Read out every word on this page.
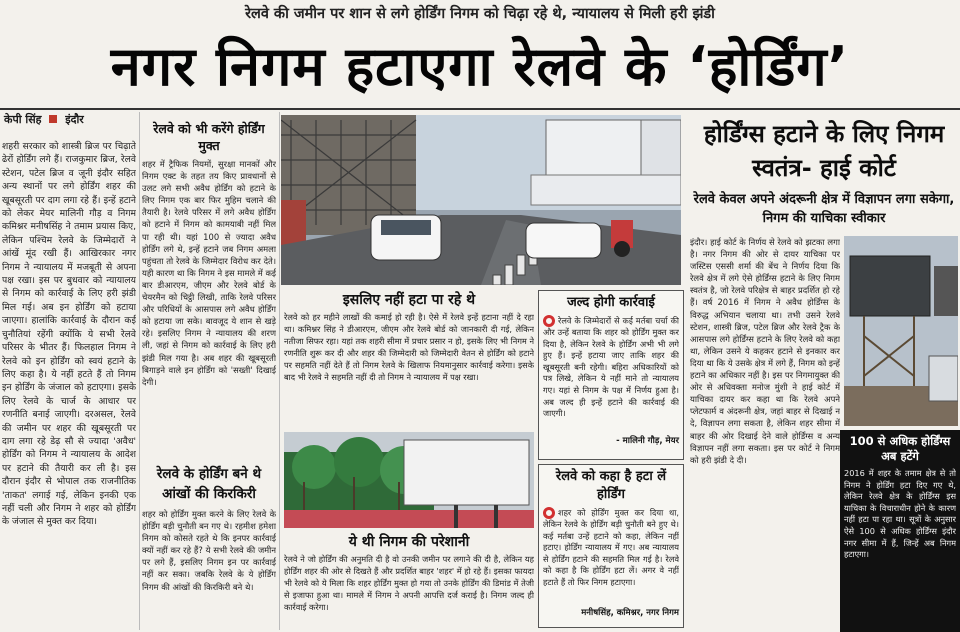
रेलवे की जमीन पर शान से लगे होर्डिंग निगम को चिढ़ा रहे थे, न्यायालय से मिली हरी झंडी
नगर निगम हटाएगा रेलवे के ‘होर्डिंग’
केपी सिंह इंदौर
शहरी सरकार को शास्त्री ब्रिज पर चिढ़ाते ढेरों होर्डिंग लगे हैं। राजकुमार ब्रिज, रेलवे स्टेशन, पटेल ब्रिज व जूनी इंदौर सहित अन्य स्थानों पर लगे होर्डिंग शहर की खूबसूरती पर दाग लगा रहे हैं। इन्हें हटाने को लेकर मेयर मालिनी गौड़ व निगम कमिश्नर मनीषसिंह ने तमाम प्रयास किए, लेकिन पश्चिम रेलवे के जिम्मेदारों ने आंखें मूंद रखी हैं। आखिरकार नगर निगम ने न्यायालय में मजबूती से अपना पक्ष रखा। इस पर बुधवार को न्यायालय से निगम को कार्रवाई के लिए हरी झंडी मिल गई। अब इन होर्डिंग को हटाया जाएगा। हालांकि कार्रवाई के दौरान कई चुनौतियां रहेंगी क्योंकि ये सभी रेलवे परिसर के भीतर हैं। फिलहाल निगम ने रेलवे को इन होर्डिंग को स्वयं हटाने के लिए कहा है। ये नहीं हटते हैं तो निगम इन होर्डिंग के जंजाल को हटाएगा। इसके लिए रेलवे के चार्ज के आधार पर रणनीति बनाई जाएगी। दरअसल, रेलवे की जमीन पर शहर की खूबसूरती पर दाग लगा रहे डेढ़ सौ से ज्यादा 'अवैध' होर्डिंग को निगम ने न्यायालय के आदेश पर हटाने की तैयारी कर ली है। इस दौरान इंदौर से भोपाल तक राजनीतिक 'ताकत' लगाई गई, लेकिन इनकी एक नहीं चली और निगम ने शहर को होर्डिंग के जंजाल से मुक्त कर दिया।
रेलवे को भी करेंगे होर्डिंग मुक्त
शहर में ट्रैफिक नियमों, सुरक्षा मानकों और निगम एक्ट के तहत तय किए प्रावधानों से उलट लगे सभी अवैध होर्डिंग को हटाने के लिए निगम एक बार फिर मुहिम चलाने की तैयारी है। रेलवे परिसर में लगे अवैध होर्डिंग को हटाने में निगम को कामयाबी नहीं मिल पा रही थी। यहां 100 से ज्यादा अवैध होर्डिंग लगे थे, इन्हें हटाने जब निगम अमला पहुंचता तो रेलवे के जिम्मेदार विरोध कर देते। यही कारण था कि निगम ने इस मामले में कई बार डीआरएम, जीएम और रेलवे बोर्ड के चेयरमैन को चिट्ठी लिखी, ताकि रेलवे परिसर और परिधियों के आसपास लगे अवैध होर्डिंग को हटाया जा सके। बावजूद ये शान से खड़े रहे। इसलिए निगम ने न्यायालय की शरण ली, जहां से निगम को कार्रवाई के लिए हरी झंडी मिल गया है। अब शहर की खूबसूरती बिगाड़ने वाले इन होर्डिंग को 'सख्ती' दिखाई देगी।
रेलवे के होर्डिंग बने थे आंखों की किरकिरी
शहर को होर्डिंग मुक्त करने के लिए रेलवे के होर्डिंग बड़ी चुनौती बन गए थे। रहमीश हमेशा निगम को कोसते रहते थे कि इनपर कार्रवाई क्यों नहीं कर रहे हैं? ये सभी रेलवे की जमीन पर लगे हैं, इसलिए निगम इन पर कार्रवाई नहीं कर सका। जबकि रेलवे के ये होर्डिंग निगम की आंखों की किरकिरी बने थे।
इसलिए नहीं हटा पा रहे थे
रेलवे को हर महीने लाखों की कमाई हो रही है। ऐसे में रेलवे इन्हें हटाना नहीं दे रहा था। कमिश्नर सिंह ने डीआरएम, जीएम और रेलवे बोर्ड को जानकारी दी गई, लेकिन नतीजा सिफर रहा। यहां तक शहरी सीमा में प्रचार प्रसार न हो, इसके लिए भी निगम ने रणनीति शुरू कर दी और शहर की जिम्मेदारी को जिम्मेदारी वेतन से होर्डिंग को हटाने पर सहमति नहीं देते हैं तो निगम रेलवे के खिलाफ नियमानुसार कार्रवाई करेगा। इसके बाद भी रेलवे ने सहमति नहीं दी तो निगम ने न्यायालय में पक्ष रखा।
ये थी निगम की परेशानी
रेलवे ने जो होर्डिंग की अनुमति दी है वो उनकी जमीन पर लगाने की दी है, लेकिन यह होर्डिंग शहर की ओर से दिखते हैं और प्रदर्शित बाहर 'शहर' में हो रहे हैं। इसका फायदा भी रेलवे को ये मिला कि शहर होर्डिंग मुक्त हो गया तो उनके होर्डिंग की डिमांड में तेजी से इजाफा हुआ था। मामले में निगम ने अपनी आपत्ति दर्ज कराई है। निगम जल्द ही कार्रवाई करेगा।
जल्द होगी कार्रवाई
रेलवे के जिम्मेदारों से कई मर्तबा चर्चा की और उन्हें बताया कि शहर को होर्डिंग मुक्त कर दिया है, लेकिन रेलवे के होर्डिंग अभी भी लगे हुए हैं। इन्हें हटाया जाए ताकि शहर की खूबसूरती बनी रहेगी। बहिरा अधिकारियों को पत्र लिखे, लेकिन ये नहीं माने तो न्यायालय गए। यहां से निगम के पक्ष में निर्णय हुआ है। अब जल्द ही इन्हें हटाने की कार्रवाई की जाएगी।
- मालिनी गौड़, मेयर
रेलवे को कहा है हटा लें होर्डिंग
शहर को होर्डिंग मुक्त कर दिया था, लेकिन रेलवे के होर्डिंग बड़ी चुनौती बने हुए थे। कई मर्तबा उन्हें हटाने को कहा, लेकिन नहीं हटाए। होर्डिंग न्यायालय में गए। अब न्यायालय से होर्डिंग हटाने की सहमति मिल गई है। रेलवे को कहा है कि होर्डिंग हटा लें। अगर वे नहीं हटाते हैं तो फिर निगम हटाएगा।
मनीषसिंह, कमिश्नर, नगर निगम
होर्डिंग्स हटाने के लिए निगम स्वतंत्र- हाई कोर्ट
रेलवे केवल अपने अंदरूनी क्षेत्र में विज्ञापन लगा सकेगा, निगम की याचिका स्वीकार
इंदौर। हाई कोर्ट के निर्णय से रेलवे को झटका लगा है। नगर निगम की ओर से दायर याचिका पर जस्टिस एससी शर्मा की बेंच ने निर्णय दिया कि रेलवे क्षेत्र में लगे ऐसे होर्डिंग्स हटाने के लिए निगम स्वतंत्र है, जो रेलवे परिक्षेत्र से बाहर प्रदर्शित हो रहे हैं। वर्ष 2016 में निगम ने अवैध होर्डिंग्स के विरुद्ध अभियान चलाया था। तभी उसने रेलवे स्टेशन, शास्त्री ब्रिज, पटेल ब्रिज और रेलवे ट्रैक के आसपास लगे होर्डिंग्स हटाने के लिए रेलवे को कहा था, लेकिन उसने ये कहकर हटाने से इनकार कर दिया था कि ये उसके क्षेत्र में लगे हैं, निगम को इन्हें हटाने का अधिकार नहीं है। इस पर निगमायुक्त की ओर से अधिवक्ता मनोज मुंशी ने हाई कोर्ट में याचिका दायर कर कहा था कि रेलवे अपने प्लेटफार्म व अंदरूनी क्षेत्र, जहां बाहर से दिखाई न दे, विज्ञापन लगा सकता है, लेकिन शहर सीमा में बाहर की ओर दिखाई देने वाले होर्डिंग्स व अन्य विज्ञापन नहीं लगा सकता। इस पर कोर्ट ने निगम को हरी झंडी दे दी।
100 से अधिक होर्डिंग्स अब हटेंगे
2016 में शहर के तमाम क्षेत्र से तो निगम ने होर्डिंग हटा दिए गए थे, लेकिन रेलवे क्षेत्र के होर्डिंग्स इस याचिका के विचाराधीन होने के कारण नहीं हटा पा रहा था। सूत्रों के अनुसार ऐसे 100 से अधिक होर्डिंग्स इंदौर नगर सीमा में हैं, जिन्हें अब निगम हटाएगा।
